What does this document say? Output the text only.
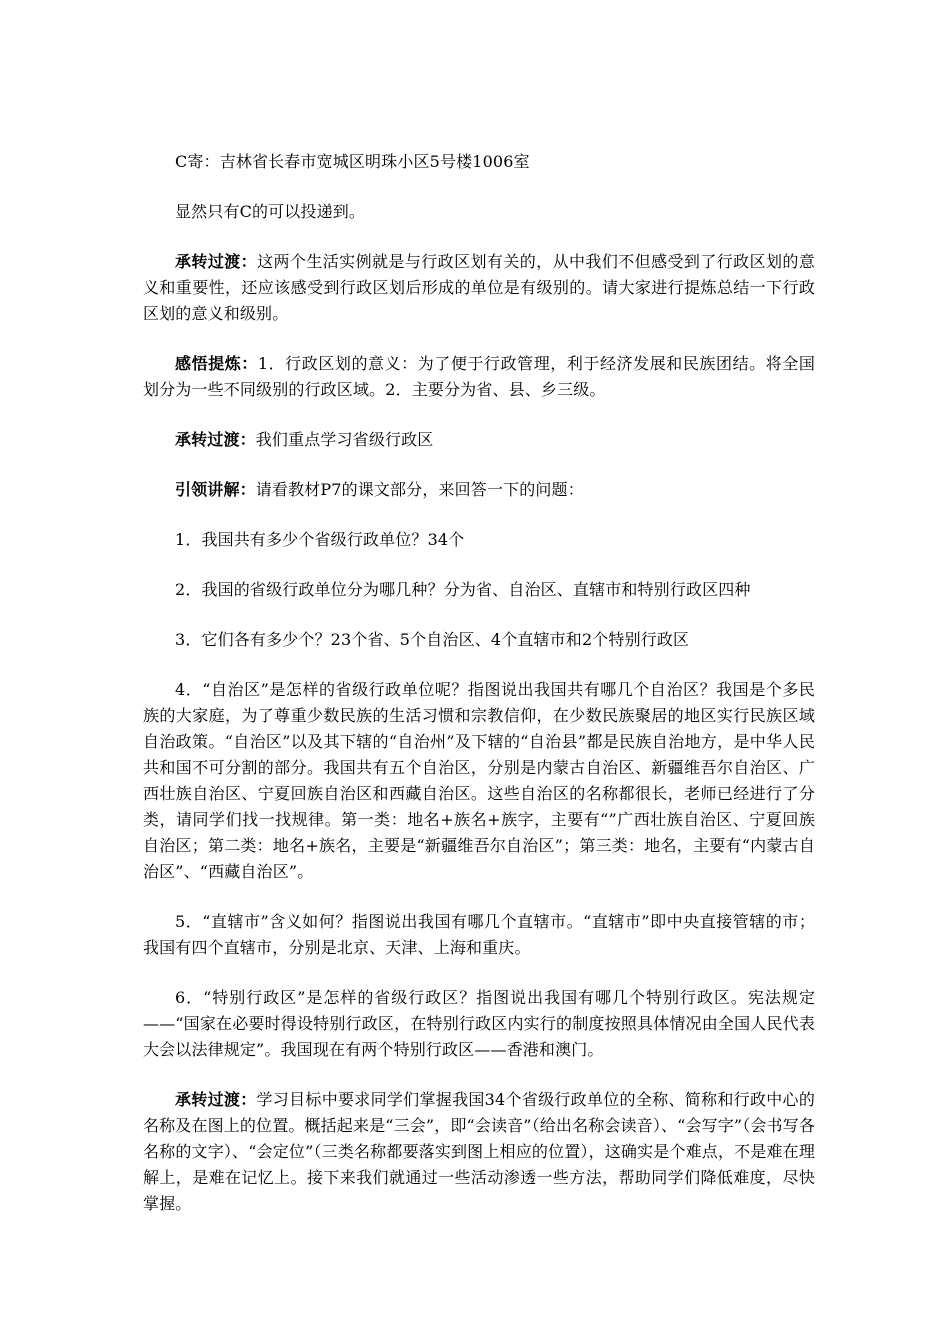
C寄：吉林省长春市宽城区明珠小区5号楼1006室

显然只有C的可以投递到。

承转过渡：这两个生活实例就是与行政区划有关的，从中我们不但感受到了行政区划的意义和重要性，还应该感受到行政区划后形成的单位是有级别的。请大家进行提炼总结一下行政区划的意义和级别。

感悟提炼：1．行政区划的意义：为了便于行政管理，利于经济发展和民族团结。将全国划分为一些不同级别的行政区域。2．主要分为省、县、乡三级。

承转过渡：我们重点学习省级行政区

引领讲解：请看教材P7的课文部分，来回答一下的问题：

1．我国共有多少个省级行政单位？34个

2．我国的省级行政单位分为哪几种？分为省、自治区、直辖市和特别行政区四种

3．它们各有多少个？23个省、5个自治区、4个直辖市和2个特别行政区

4．“自治区”是怎样的省级行政单位呢？指图说出我国共有哪几个自治区？我国是个多民族的大家庭，为了尊重少数民族的生活习惯和宗教信仰，在少数民族聚居的地区实行民族区域自治政策。“自治区”以及其下辖的“自治州”及下辖的“自治县”都是民族自治地方，是中华人民共和国不可分割的部分。我国共有五个自治区，分别是内蒙古自治区、新疆维吾尔自治区、广西壮族自治区、宁夏回族自治区和西藏自治区。这些自治区的名称都很长，老师已经进行了分类，请同学们找一找规律。第一类：地名+族名+族字，主要有“”广西壮族自治区、宁夏回族自治区；第二类：地名+族名，主要是“新疆维吾尔自治区”；第三类：地名，主要有“内蒙古自治区”、“西藏自治区”。

5．“直辖市”含义如何？指图说出我国有哪几个直辖市。“直辖市”即中央直接管辖的市；我国有四个直辖市，分别是北京、天津、上海和重庆。

6．“特别行政区”是怎样的省级行政区？指图说出我国有哪几个特别行政区。宪法规定——“国家在必要时得设特别行政区，在特别行政区内实行的制度按照具体情况由全国人民代表大会以法律规定”。我国现在有两个特别行政区——香港和澳门。

承转过渡：学习目标中要求同学们掌握我国34个省级行政单位的全称、简称和行政中心的名称及在图上的位置。概括起来是“三会”，即“会读音”（给出名称会读音）、“会写字”（会书写各名称的文字）、“会定位”（三类名称都要落实到图上相应的位置），这确实是个难点，不是难在理解上，是难在记忆上。接下来我们就通过一些活动渗透一些方法，帮助同学们降低难度，尽快掌握。
